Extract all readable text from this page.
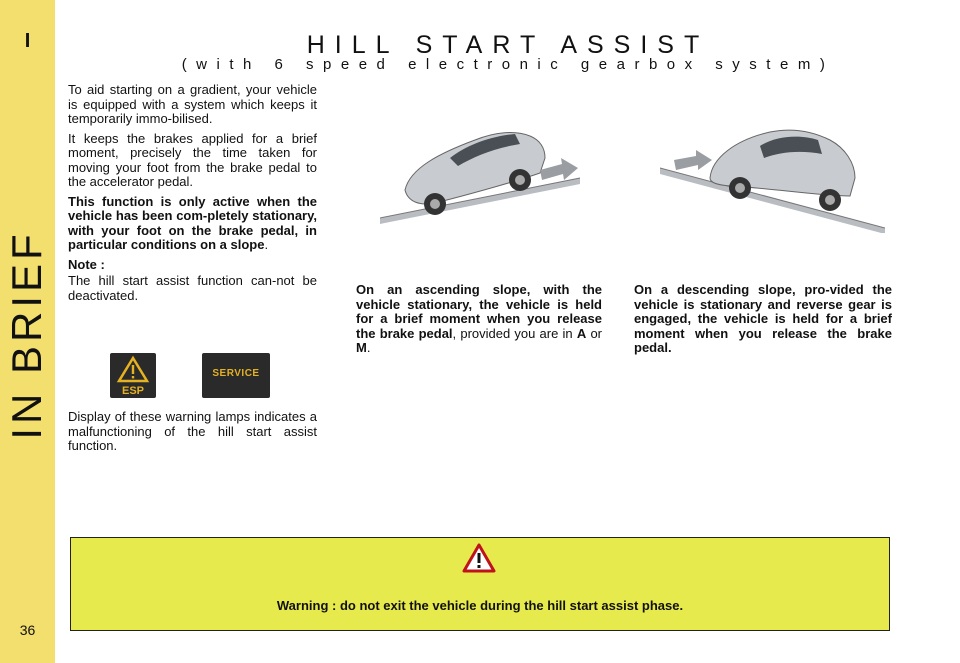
I
IN BRIEF
36
HILL START ASSIST
(with 6 speed electronic gearbox system)

To aid starting on a gradient, your vehicle is equipped with a system which keeps it temporarily immo-bilised.

It keeps the brakes applied for a brief moment, precisely the time taken for moving your foot from the brake pedal to the accelerator pedal.

This function is only active when the vehicle has been com-pletely stationary, with your foot on the brake pedal, in particular conditions on a slope.

Note :

The hill start assist function can-not be deactivated.

ESP
SERVICE
Display of these warning lamps indicates a malfunctioning of the hill start assist function.
On an ascending slope, with the vehicle stationary, the vehicle is held for a brief moment when you release the brake pedal, provided you are in A or M.
On a descending slope, pro-vided the vehicle is stationary and reverse gear is engaged, the vehicle is held for a brief moment when you release the brake pedal.
Warning : do not exit the vehicle during the hill start assist phase.
